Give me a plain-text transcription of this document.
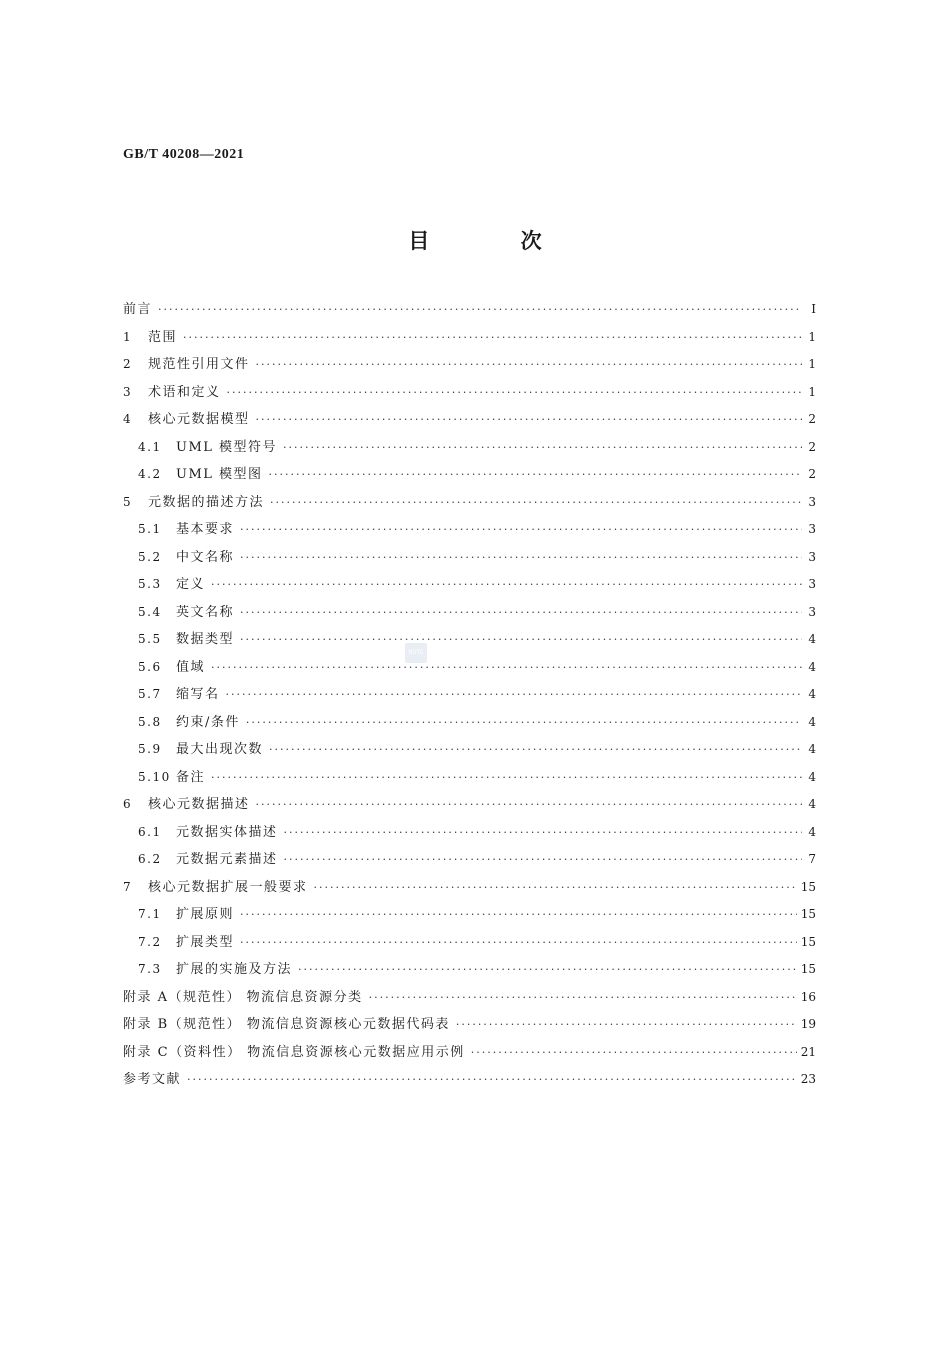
GB/T 40208—2021
目 次
NSTC
前言 ·····	I
1	范围 ·····	1
2	规范性引用文件 ·····	1
3	术语和定义 ·····	1
4	核心元数据模型 ·····	2
4.1	UML 模型符号 ·····	2
4.2	UML 模型图 ·····	2
5	元数据的描述方法 ·····	3
5.1	基本要求 ·····	3
5.2	中文名称 ·····	3
5.3	定义 ·····	3
5.4	英文名称 ·····	3
5.5	数据类型 ·····	4
5.6	值域 ·····	4
5.7	缩写名 ·····	4
5.8	约束/条件 ·····	4
5.9	最大出现次数 ·····	4
5.10 备注 ·····	4
6	核心元数据描述 ·····	4
6.1	元数据实体描述 ·····	4
6.2	元数据元素描述 ·····	7
7	核心元数据扩展一般要求 ·····	15
7.1	扩展原则 ·····	15
7.2	扩展类型 ·····	15
7.3	扩展的实施及方法 ·····	15
附录 A（规范性） 物流信息资源分类 ·····	16
附录 B（规范性） 物流信息资源核心元数据代码表 ·····	19
附录 C（资料性） 物流信息资源核心元数据应用示例 ·····	21
参考文献 ·····	23
